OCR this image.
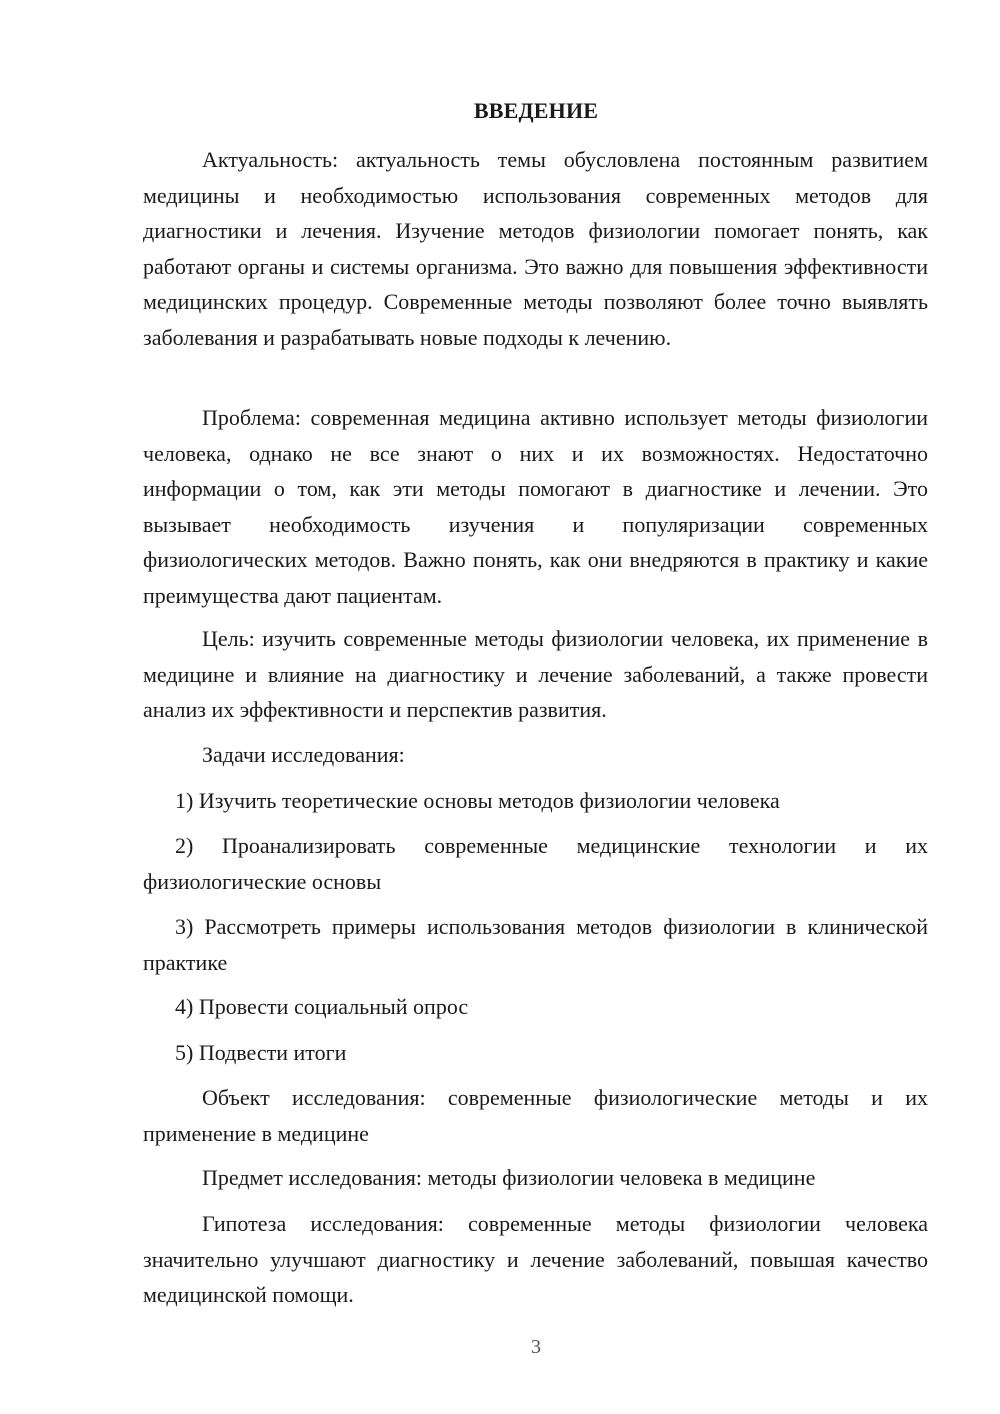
ВВЕДЕНИЕ

Актуальность: актуальность темы обусловлена постоянным развитием медицины и необходимостью использования современных методов для диагностики и лечения. Изучение методов физиологии помогает понять, как работают органы и системы организма. Это важно для повышения эффективности медицинских процедур. Современные методы позволяют более точно выявлять заболевания и разрабатывать новые подходы к лечению.

Проблема: современная медицина активно использует методы физиологии человека, однако не все знают о них и их возможностях. Недостаточно информации о том, как эти методы помогают в диагностике и лечении. Это вызывает необходимость изучения и популяризации современных физиологических методов. Важно понять, как они внедряются в практику и какие преимущества дают пациентам.

Цель: изучить современные методы физиологии человека, их применение в медицине и влияние на диагностику и лечение заболеваний, а также провести анализ их эффективности и перспектив развития.

Задачи исследования:

1) Изучить теоретические основы методов физиологии человека

2) Проанализировать современные медицинские технологии и их физиологические основы

3) Рассмотреть примеры использования методов физиологии в клинической практике

4) Провести социальный опрос

5) Подвести итоги

Объект исследования: современные физиологические методы и их применение в медицине

Предмет исследования: методы физиологии человека в медицине

Гипотеза исследования: современные методы физиологии человека значительно улучшают диагностику и лечение заболеваний, повышая качество медицинской помощи.

3
